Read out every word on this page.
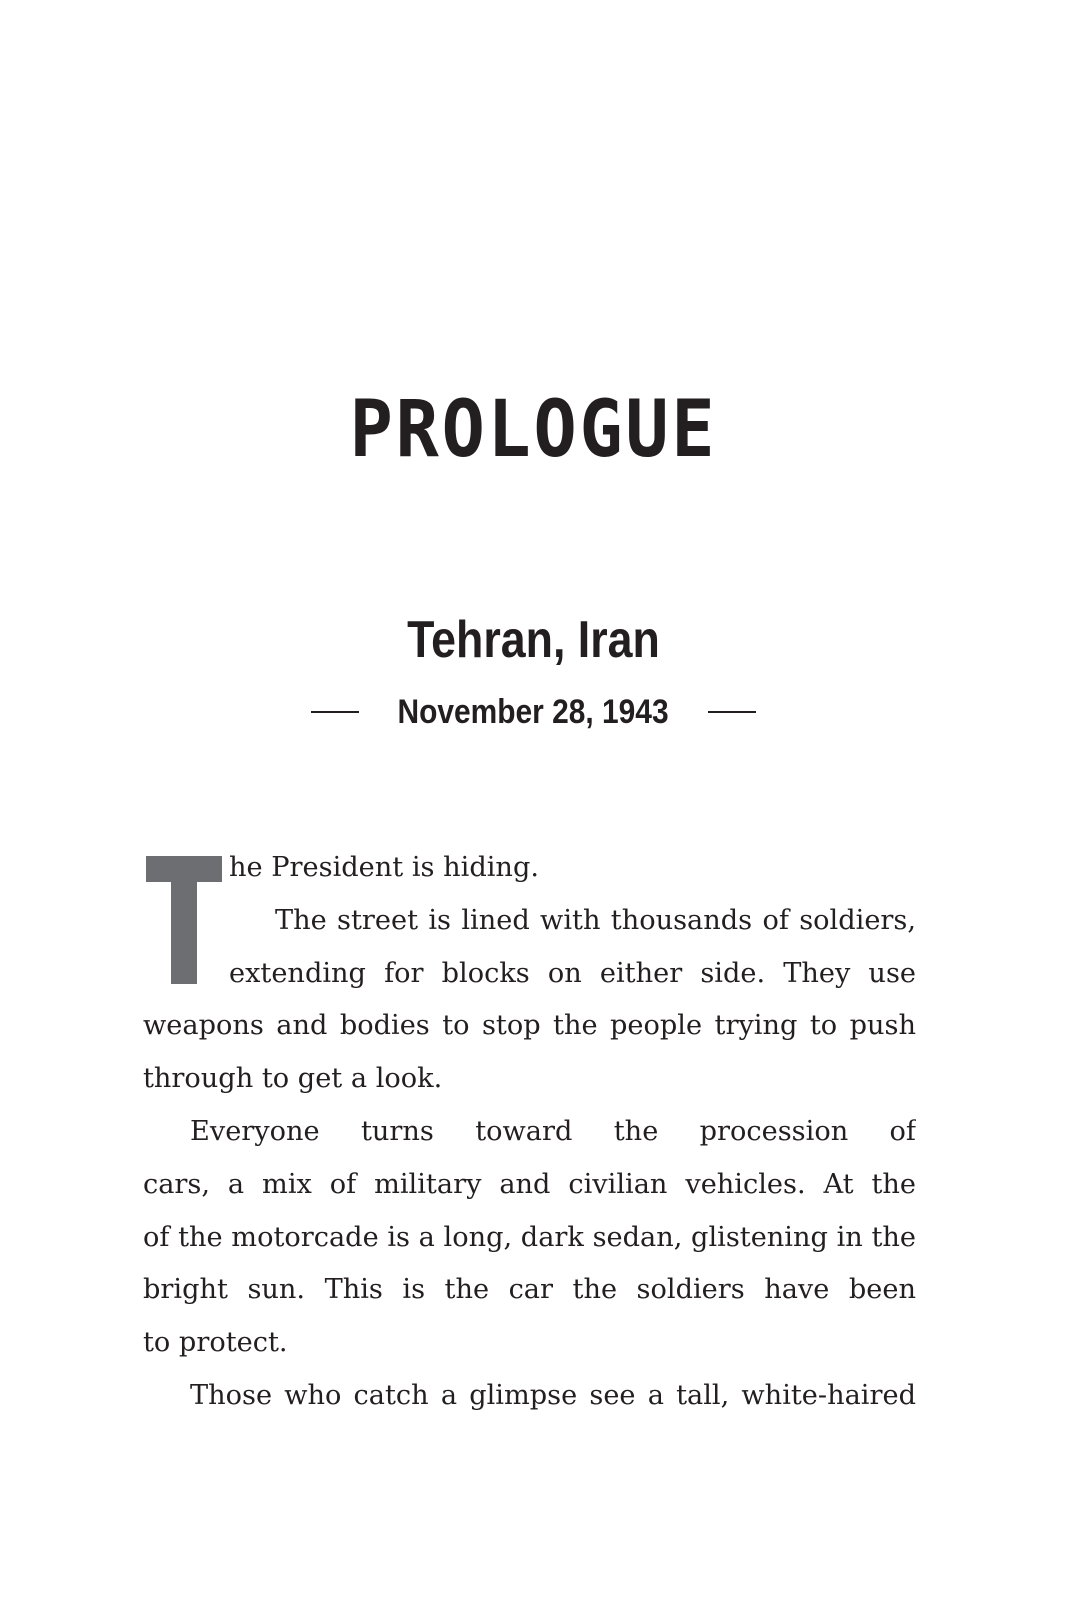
PROLOGUE
Tehran, Iran
November 28, 1943
he President is hiding.
The street is lined with thousands of soldiers,
extending for blocks on either side. They use
weapons and bodies to stop the people trying to push
through to get a look.
Everyone turns toward the procession of
cars, a mix of military and civilian vehicles. At the
of the motorcade is a long, dark sedan, glistening in the
bright sun. This is the car the soldiers have been
to protect.
Those who catch a glimpse see a tall, white-haired
